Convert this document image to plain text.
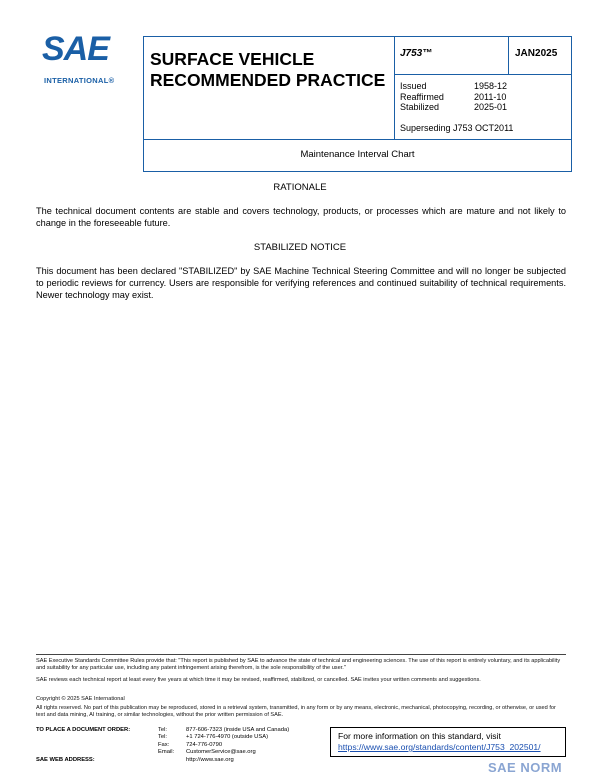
SAE
INTERNATIONAL®
SURFACE VEHICLE
RECOMMENDED PRACTICE
J753™	JAN2025
Issued	1958-12
Reaffirmed	2011-10
Stabilized	2025-01
Superseding J753 OCT2011
Maintenance Interval Chart
RATIONALE
The technical document contents are stable and covers technology, products, or processes which are mature and not likely to change in the foreseeable future.
STABILIZED NOTICE
This document has been declared "STABILIZED" by SAE Machine Technical Steering Committee and will no longer be subjected to periodic reviews for currency. Users are responsible for verifying references and continued suitability of technical requirements. Newer technology may exist.
SAE Executive Standards Committee Rules provide that: "This report is published by SAE to advance the state of technical and engineering sciences. The use of this report is entirely voluntary, and its applicability and suitability for any particular use, including any patent infringement arising therefrom, is the sole responsibility of the user."
SAE reviews each technical report at least every five years at which time it may be revised, reaffirmed, stabilized, or cancelled. SAE invites your written comments and suggestions.
Copyright © 2025 SAE International
All rights reserved. No part of this publication may be reproduced, stored in a retrieval system, transmitted, in any form or by any means, electronic, mechanical, photocopying, recording, or otherwise, or used for text and data mining, AI training, or similar technologies, without the prior written permission of SAE.
TO PLACE A DOCUMENT ORDER:
SAE WEB ADDRESS:
Tel:	877-606-7323 (inside USA and Canada)
Tel:	+1 724-776-4970 (outside USA)
Fax:	724-776-0790
Email:	CustomerService@sae.org
http://www.sae.org
For more information on this standard, visit
https://www.sae.org/standards/content/J753_202501/
SAE NORM
